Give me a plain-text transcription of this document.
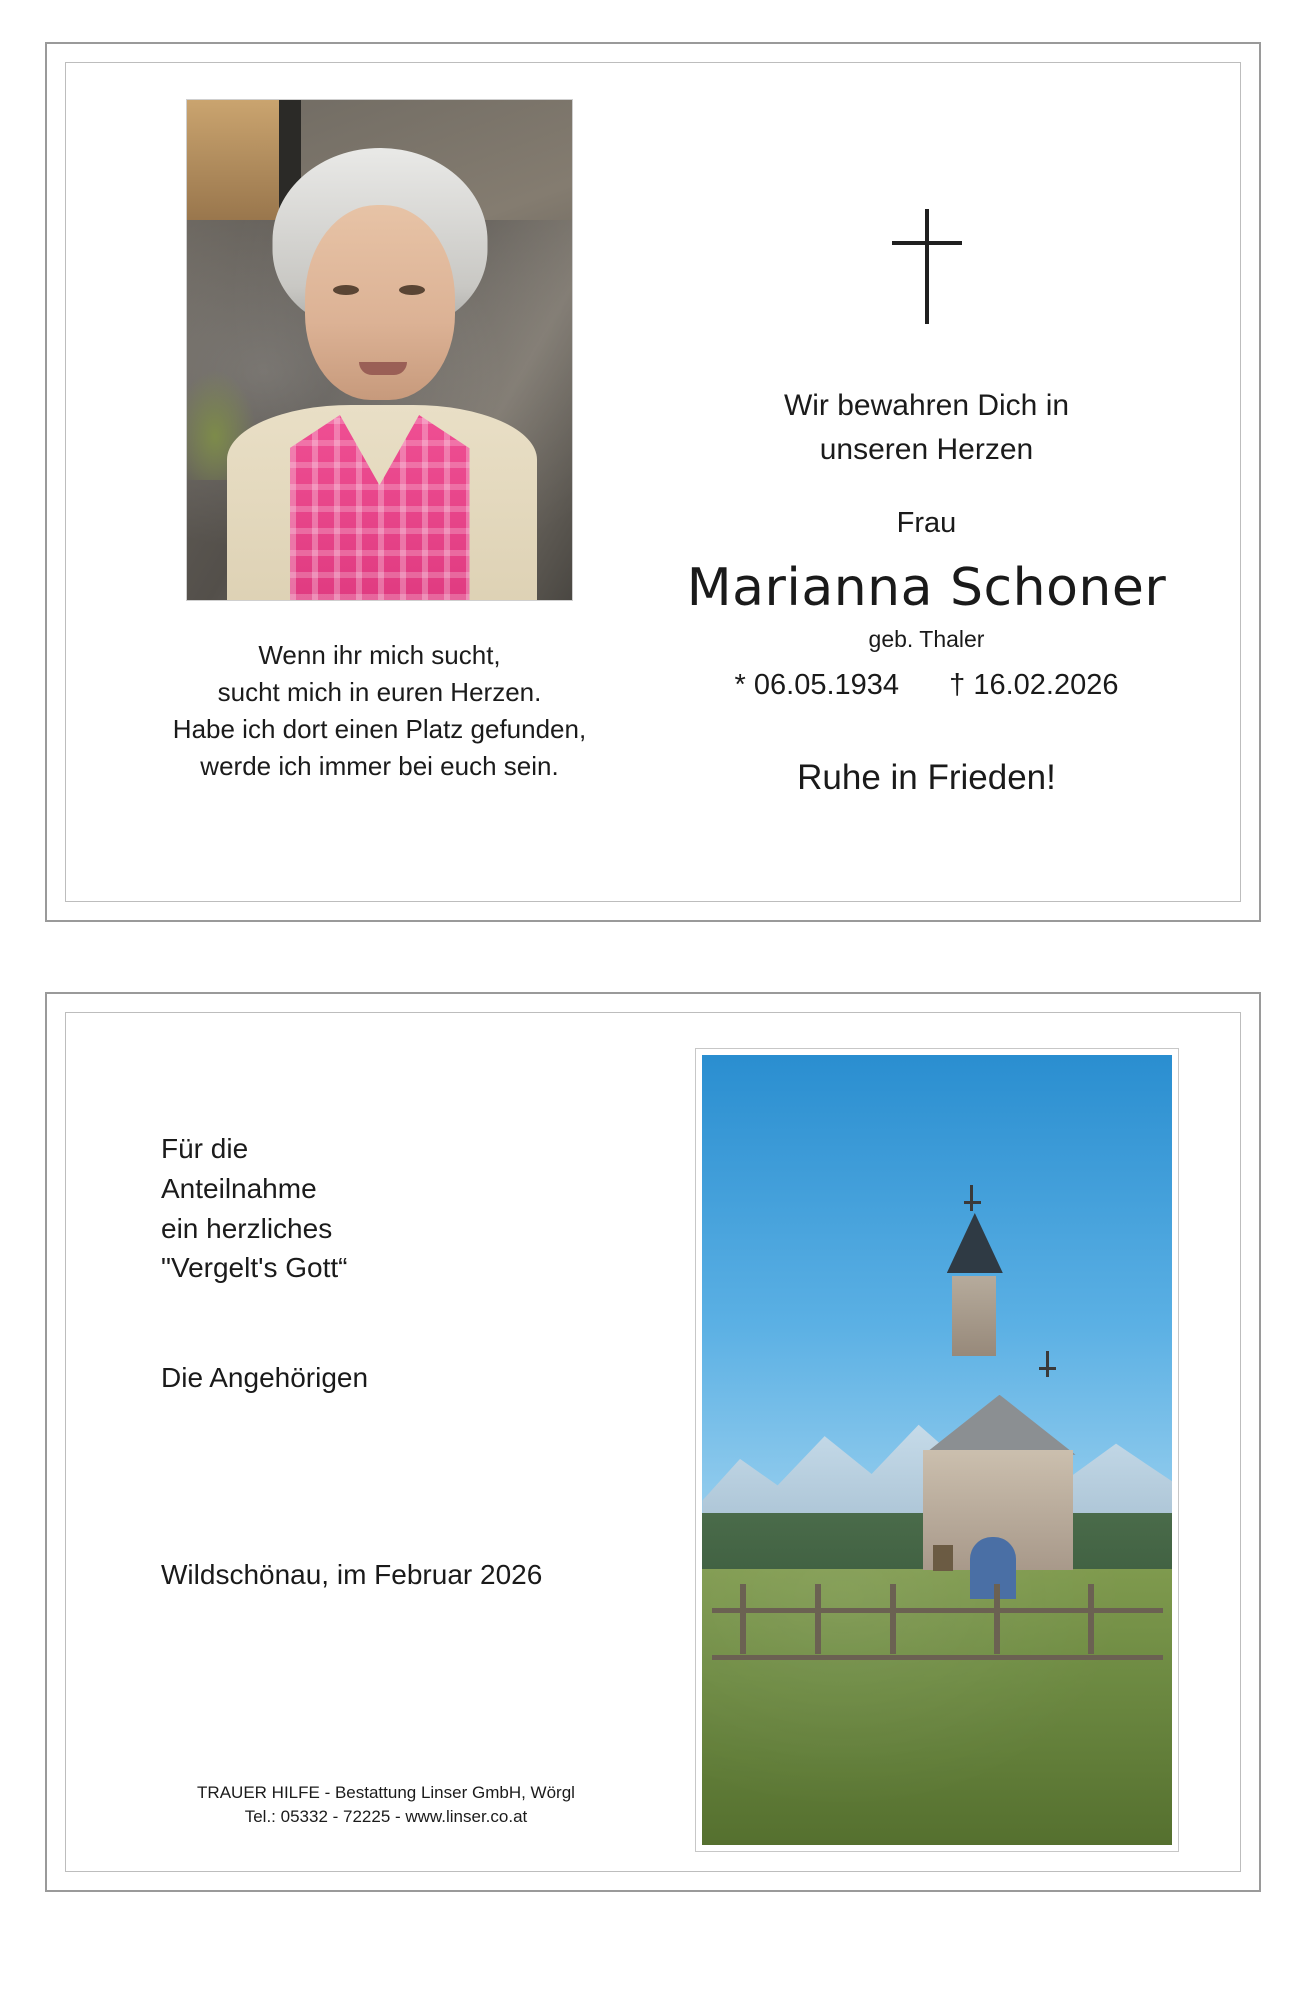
Wenn ihr mich sucht,
sucht mich in euren Herzen.
Habe ich dort einen Platz gefunden,
werde ich immer bei euch sein.
Wir bewahren Dich in
unseren Herzen
Frau
Marianna Schoner
geb. Thaler
* 06.05.1934 † 16.02.2026
Ruhe in Frieden!
Für die
Anteilnahme
ein herzliches
"Vergelt's Gott“
Die Angehörigen
Wildschönau, im Februar 2026
TRAUER HILFE - Bestattung Linser GmbH, Wörgl
Tel.: 05332 - 72225 - www.linser.co.at
